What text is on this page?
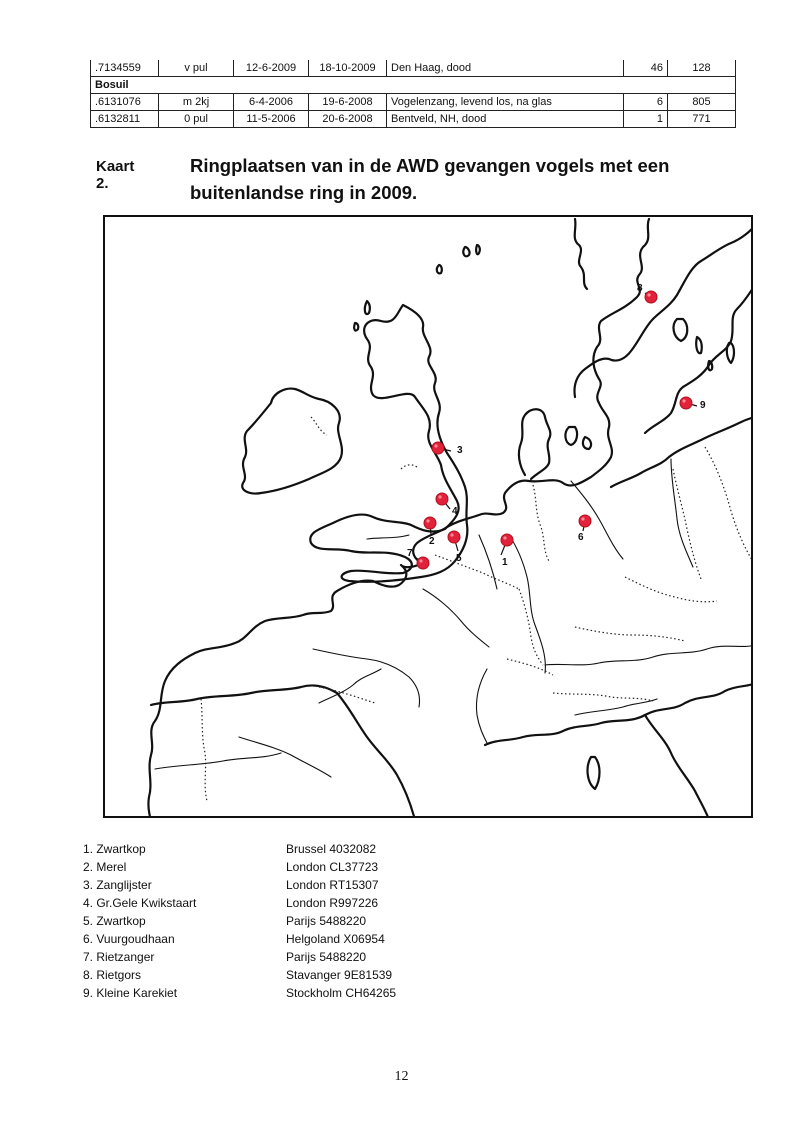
.7134559	v pul	12-6-2009	18-10-2009	Den Haag, dood	46	128
Bosuil						
.6131076	m 2kj	6-4-2006	19-6-2008	Vogelenzang, levend los, na glas	6	805
.6132811	0 pul	11-5-2006	20-6-2008	Bentveld, NH, dood	1	771
Kaart 2.
Ringplaatsen van in de AWD gevangen vogels met een buitenlandse ring in 2009.
1
2
3
4
5
6
7
8
9
1. Zwartkop	Brussel 4032082
2. Merel	London CL37723
3. Zanglijster	London RT15307
4. Gr.Gele Kwikstaart	London R997226
5. Zwartkop	Parijs 5488220
6. Vuurgoudhaan	Helgoland X06954
7. Rietzanger	Parijs 5488220
8. Rietgors	Stavanger 9E81539
9. Kleine Karekiet	Stockholm CH64265
12
